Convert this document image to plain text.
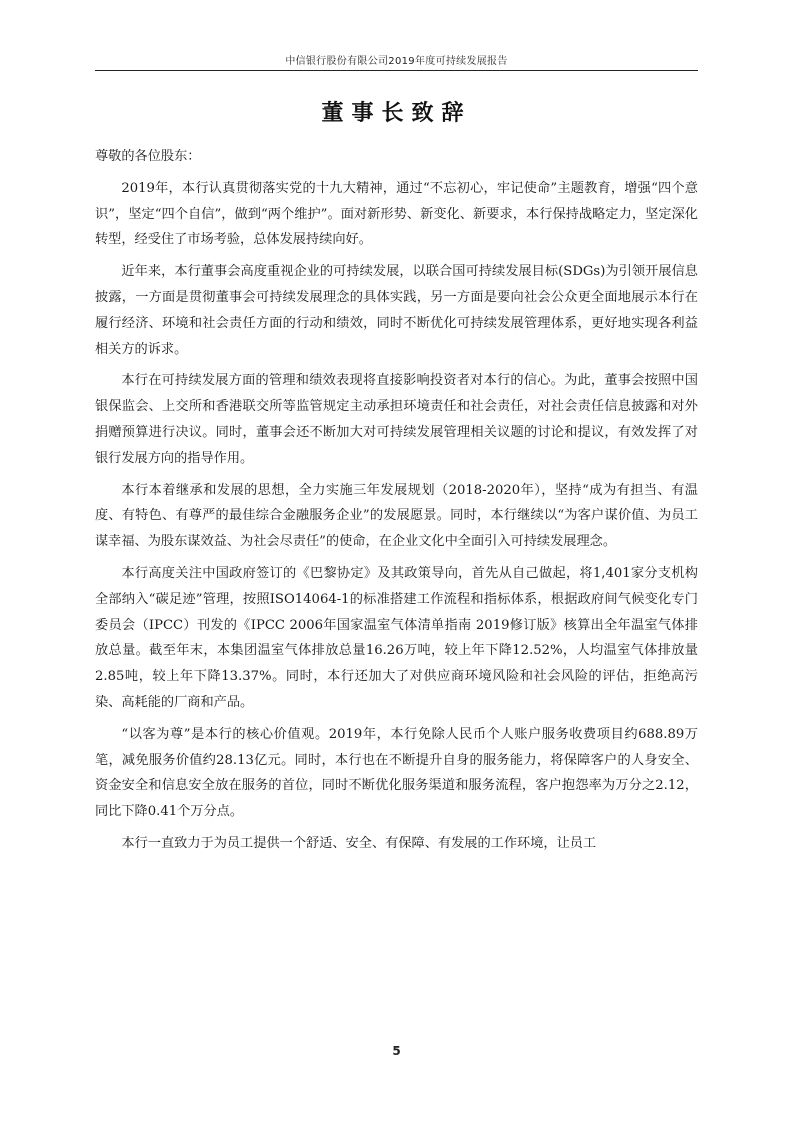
中信银行股份有限公司2019年度可持续发展报告
董事长致辞

尊敬的各位股东：

2019年，本行认真贯彻落实党的十九大精神，通过“不忘初心，牢记使命”主题教育，增强“四个意识”，坚定“四个自信”，做到“两个维护”。面对新形势、新变化、新要求，本行保持战略定力，坚定深化转型，经受住了市场考验，总体发展持续向好。

近年来，本行董事会高度重视企业的可持续发展，以联合国可持续发展目标(SDGs)为引领开展信息披露，一方面是贯彻董事会可持续发展理念的具体实践，另一方面是要向社会公众更全面地展示本行在履行经济、环境和社会责任方面的行动和绩效，同时不断优化可持续发展管理体系，更好地实现各利益相关方的诉求。

本行在可持续发展方面的管理和绩效表现将直接影响投资者对本行的信心。为此，董事会按照中国银保监会、上交所和香港联交所等监管规定主动承担环境责任和社会责任，对社会责任信息披露和对外捐赠预算进行决议。同时，董事会还不断加大对可持续发展管理相关议题的讨论和提议，有效发挥了对银行发展方向的指导作用。

本行本着继承和发展的思想，全力实施三年发展规划（2018-2020年），坚持“成为有担当、有温度、有特色、有尊严的最佳综合金融服务企业”的发展愿景。同时，本行继续以“为客户谋价值、为员工谋幸福、为股东谋效益、为社会尽责任”的使命，在企业文化中全面引入可持续发展理念。

本行高度关注中国政府签订的《巴黎协定》及其政策导向，首先从自己做起，将1,401家分支机构全部纳入“碳足迹”管理，按照ISO14064-1的标准搭建工作流程和指标体系，根据政府间气候变化专门委员会（IPCC）刊发的《IPCC 2006年国家温室气体清单指南 2019修订版》核算出全年温室气体排放总量。截至年末，本集团温室气体排放总量16.26万吨，较上年下降12.52%，人均温室气体排放量2.85吨，较上年下降13.37%。同时，本行还加大了对供应商环境风险和社会风险的评估，拒绝高污染、高耗能的厂商和产品。

“以客为尊”是本行的核心价值观。2019年，本行免除人民币个人账户服务收费项目约688.89万笔，减免服务价值约28.13亿元。同时，本行也在不断提升自身的服务能力，将保障客户的人身安全、资金安全和信息安全放在服务的首位，同时不断优化服务渠道和服务流程，客户抱怨率为万分之2.12，同比下降0.41个万分点。

本行一直致力于为员工提供一个舒适、安全、有保障、有发展的工作环境，让员工

5
